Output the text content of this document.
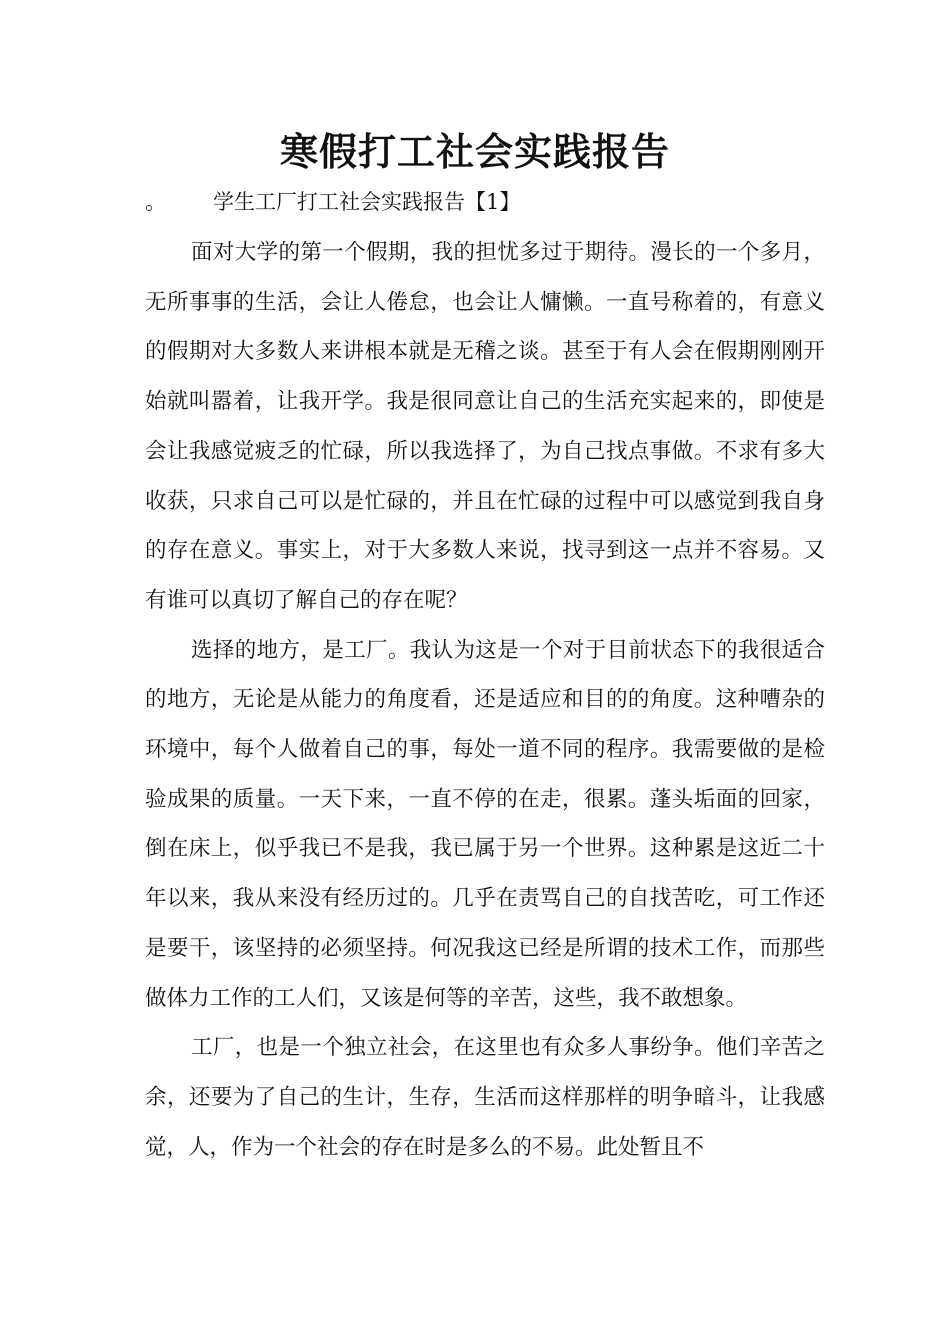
寒假打工社会实践报告
。 学生工厂打工社会实践报告【1】

面对大学的第一个假期，我的担忧多过于期待。漫长的一个多月，无所事事的生活，会让人倦怠，也会让人慵懒。一直号称着的，有意义的假期对大多数人来讲根本就是无稽之谈。甚至于有人会在假期刚刚开始就叫嚣着，让我开学。我是很同意让自己的生活充实起来的，即使是会让我感觉疲乏的忙碌，所以我选择了，为自己找点事做。不求有多大收获，只求自己可以是忙碌的，并且在忙碌的过程中可以感觉到我自身的存在意义。事实上，对于大多数人来说，找寻到这一点并不容易。又有谁可以真切了解自己的存在呢？

选择的地方，是工厂。我认为这是一个对于目前状态下的我很适合的地方，无论是从能力的角度看，还是适应和目的的角度。这种嘈杂的环境中，每个人做着自己的事，每处一道不同的程序。我需要做的是检验成果的质量。一天下来，一直不停的在走，很累。蓬头垢面的回家，倒在床上，似乎我已不是我，我已属于另一个世界。这种累是这近二十年以来，我从来没有经历过的。几乎在责骂自己的自找苦吃，可工作还是要干，该坚持的必须坚持。何况我这已经是所谓的技术工作，而那些做体力工作的工人们，又该是何等的辛苦，这些，我不敢想象。

工厂，也是一个独立社会，在这里也有众多人事纷争。他们辛苦之余，还要为了自己的生计，生存，生活而这样那样的明争暗斗，让我感觉，人，作为一个社会的存在时是多么的不易。此处暂且不
